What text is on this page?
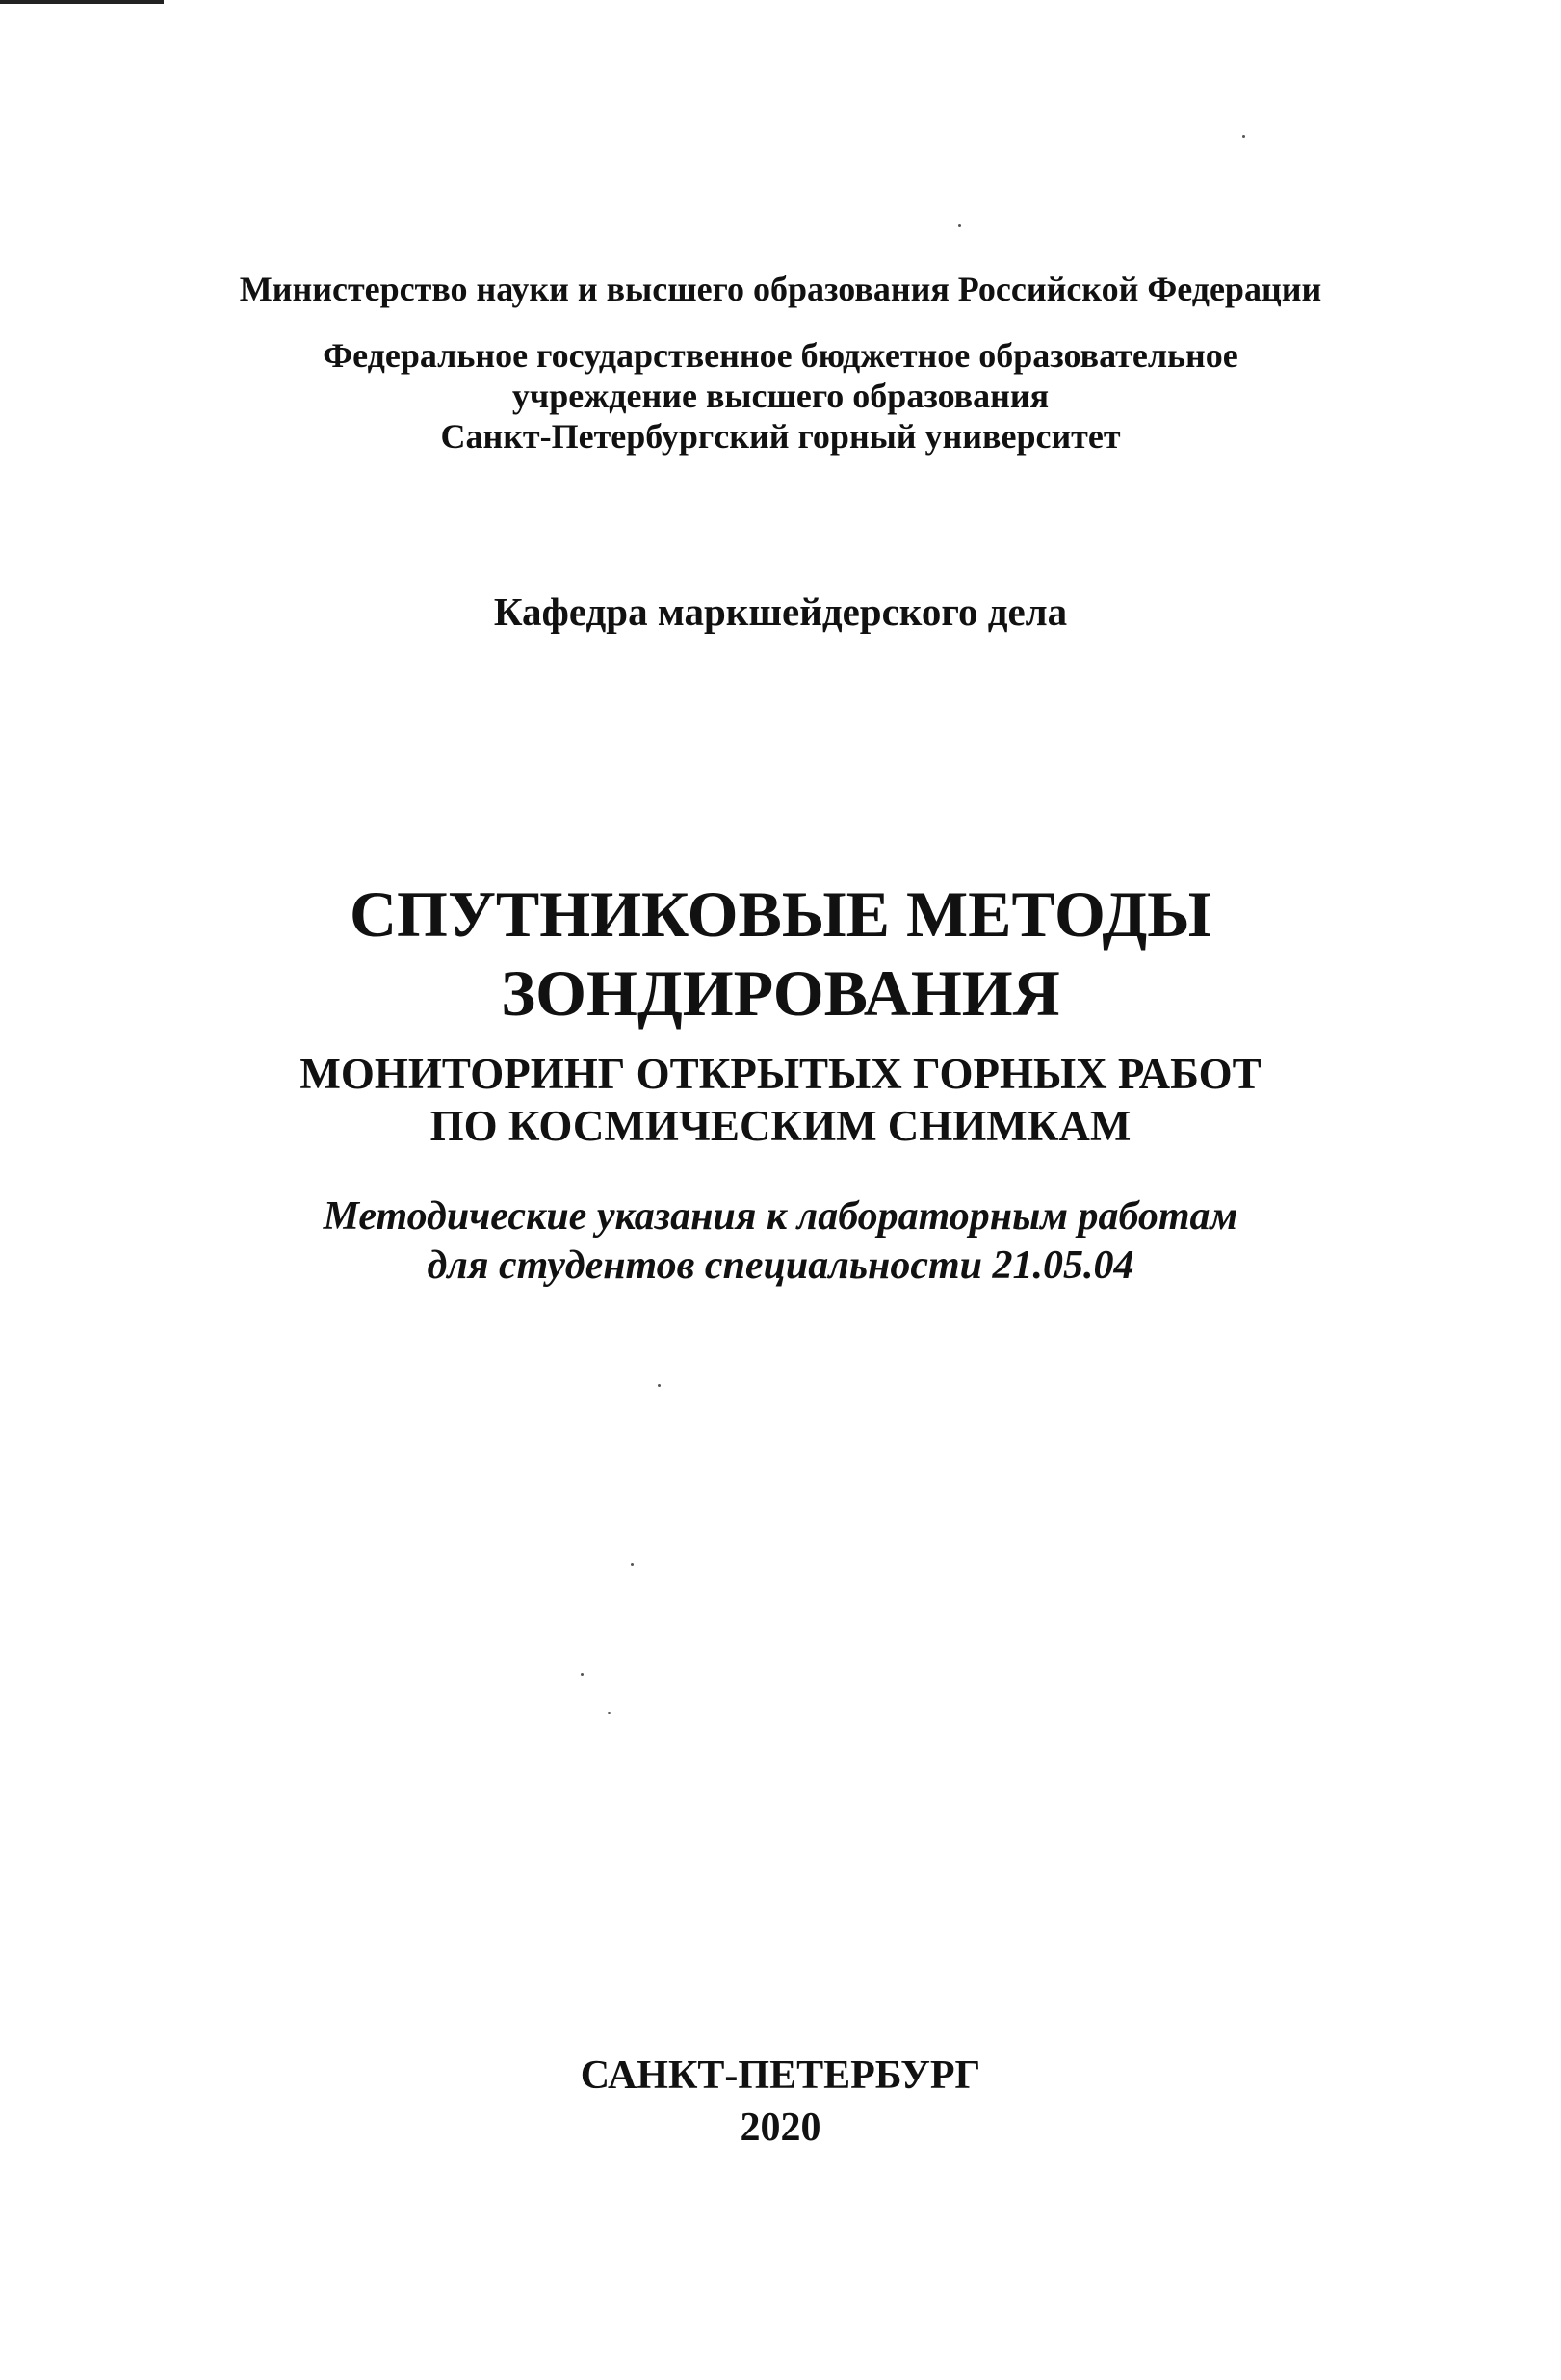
Министерство науки и высшего образования Российской Федерации
Федеральное государственное бюджетное образовательное
учреждение высшего образования
Санкт-Петербургский горный университет
Кафедра маркшейдерского дела
СПУТНИКОВЫЕ МЕТОДЫ
ЗОНДИРОВАНИЯ
МОНИТОРИНГ ОТКРЫТЫХ ГОРНЫХ РАБОТ
ПО КОСМИЧЕСКИМ СНИМКАМ
Методические указания к лабораторным работам
для студентов специальности 21.05.04
САНКТ-ПЕТЕРБУРГ
2020
